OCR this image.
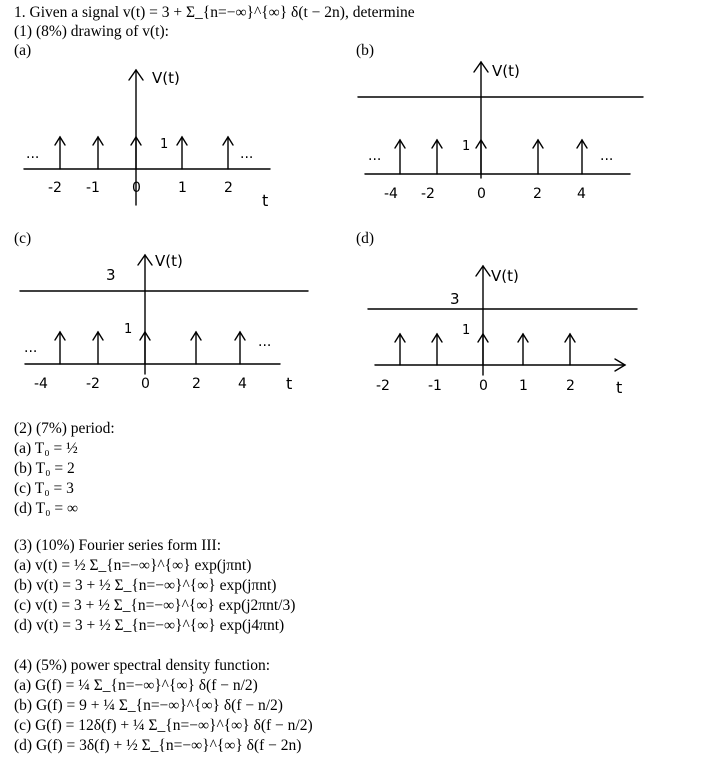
1. Given a signal v(t) = 3 + Σ_{n=−∞}^{∞} δ(t − 2n), determine
(1) (8%) drawing of v(t):
(a)	(b)
(c)	(d)
V(t)
...	...
1
-2 -1 0	1	2
t
V(t)
...	...
1
-4 -2	0	2	4
V(t)
3
...	...
1
-4	-2	0	2	4 t
V(t)
3
1
-2	-1	0 1	2	t
(2) (7%) period:
(a) T₀ = ½
(b) T₀ = 2
(c) T₀ = 3
(d) T₀ = ∞
(3) (10%) Fourier series form III:
(a) v(t) = ½ Σ_{n=−∞}^{∞} exp(jπnt)
(b) v(t) = 3 + ½ Σ_{n=−∞}^{∞} exp(jπnt)
(c) v(t) = 3 + ½ Σ_{n=−∞}^{∞} exp(j2πnt/3)
(d) v(t) = 3 + ½ Σ_{n=−∞}^{∞} exp(j4πnt)
(4) (5%) power spectral density function:
(a) G(f) = ¼ Σ_{n=−∞}^{∞} δ(f − n/2)
(b) G(f) = 9 + ¼ Σ_{n=−∞}^{∞} δ(f − n/2)
(c) G(f) = 12δ(f) + ¼ Σ_{n=−∞}^{∞} δ(f − n/2)
(d) G(f) = 3δ(f) + ½ Σ_{n=−∞}^{∞} δ(f − 2n)
